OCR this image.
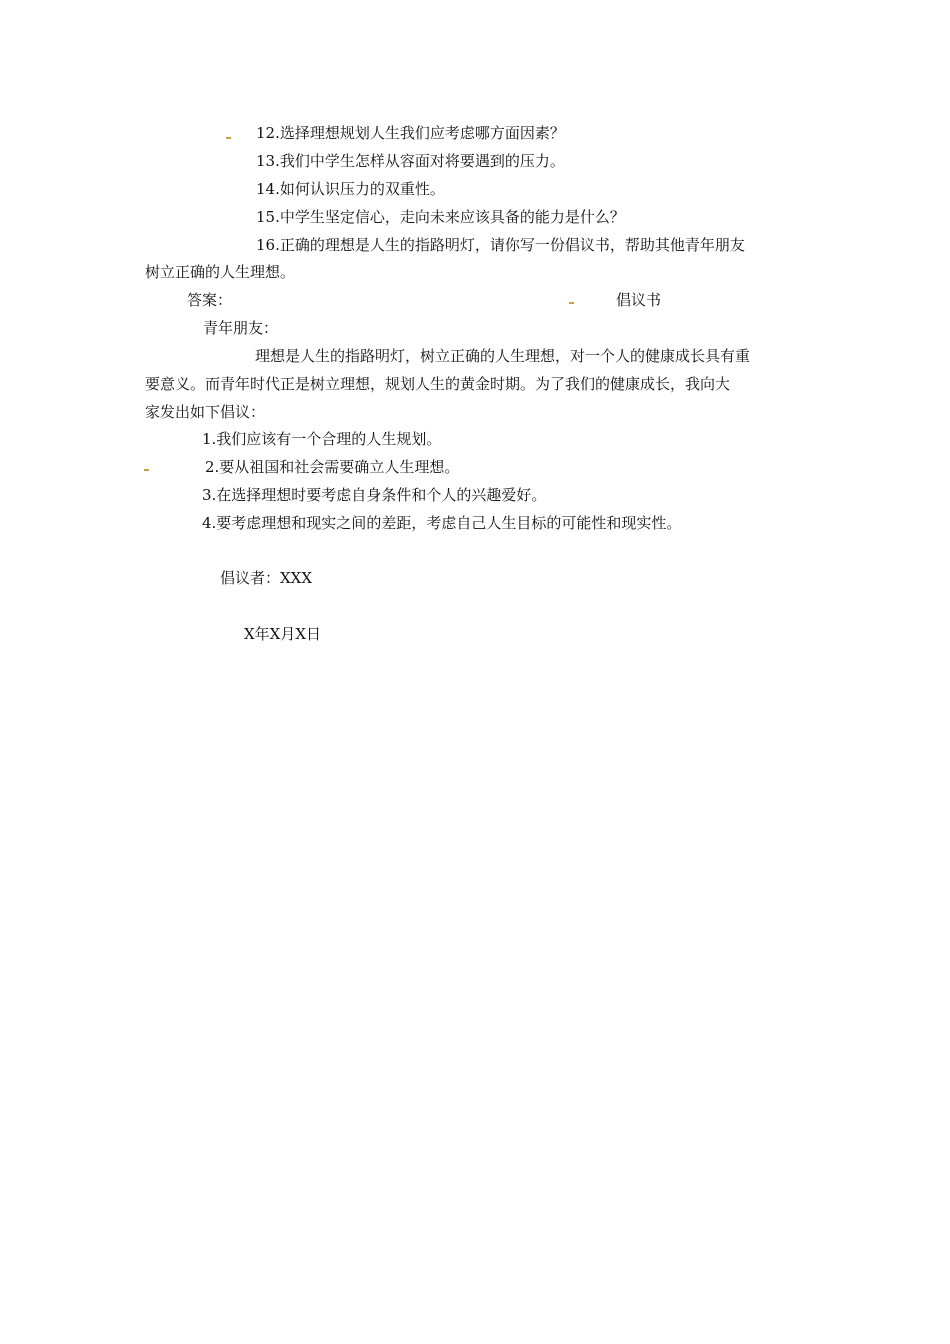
12.选择理想规划人生我们应考虑哪方面因素？
13.我们中学生怎样从容面对将要遇到的压力。
14.如何认识压力的双重性。
15.中学生坚定信心，走向未来应该具备的能力是什么？
16.正确的理想是人生的指路明灯，请你写一份倡议书，帮助其他青年朋友
树立正确的人生理想。
答案：	倡议书
青年朋友：
理想是人生的指路明灯，树立正确的人生理想，对一个人的健康成长具有重
要意义。而青年时代正是树立理想，规划人生的黄金时期。为了我们的健康成长，我向大
家发出如下倡议：
1.我们应该有一个合理的人生规划。
2.要从祖国和社会需要确立人生理想。
3.在选择理想时要考虑自身条件和个人的兴趣爱好。
4.要考虑理想和现实之间的差距，考虑自己人生目标的可能性和现实性。
倡议者：XXX
X年X月X日
